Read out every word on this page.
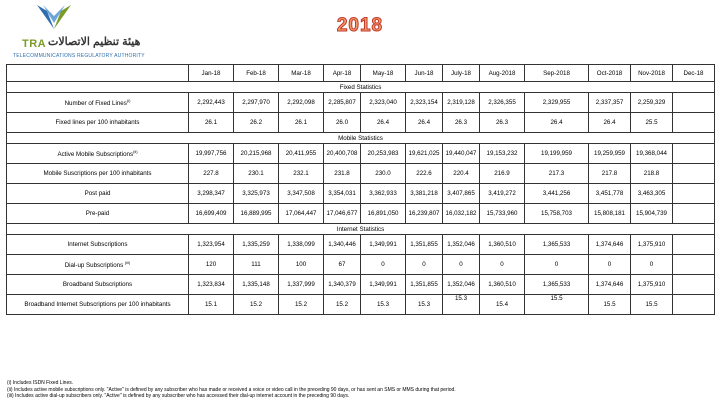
TRA هيئة تنظيم الاتصالات
TELECOMMUNICATIONS REGULATORY AUTHORITY
2018
	Jan-18	Feb-18	Mar-18	Apr-18	May-18	Jun-18	July-18	Aug-2018	Sep-2018	Oct-2018	Nov-2018	Dec-18
Fixed Statistics												
Number of Fixed Lines$^{(i)}$	2,292,443	2,297,970	2,292,098	2,285,807	2,323,040	2,323,154	2,319,128	2,326,355	2,329,955	2,337,357	2,259,329	
Fixed lines per 100 inhabitants	26.1	26.2	26.1	26.0	26.4	26.4	26.3	26.3	26.4	26.4	25.5	
Mobile Statistics												
Active Mobile Subscriptions$^{(ii)}$	19,997,756	20,215,968	20,411,955	20,400,708	20,253,983	19,621,025	19,440,047	19,153,232	19,199,959	19,259,959	19,368,044	
Mobile Suscriptions per 100 inhabitants	227.8	230.1	232.1	231.8	230.0	222.6	220.4	216.9	217.3	217.8	218.8	
Post paid	3,298,347	3,325,973	3,347,508	3,354,031	3,362,933	3,381,218	3,407,865	3,419,272	3,441,256	3,451,778	3,463,305	
Pre-paid	16,699,409	16,889,995	17,064,447	17,046,677	16,891,050	16,239,807	16,032,182	15,733,960	15,758,703	15,808,181	15,904,739	
Internet Statistics												
Internet Subscriptions	1,323,954	1,335,259	1,338,099	1,340,446	1,349,991	1,351,855	1,352,046	1,360,510	1,365,533	1,374,646	1,375,910	
Dial-up Subscriptions $^{(iii)}$	120	111	100	67	0	0	0	0	0	0	0	
Broadband Subscriptions	1,323,834	1,335,148	1,337,999	1,340,379	1,349,991	1,351,855	1,352,046	1,360,510	1,365,533	1,374,646	1,375,910	
Broadband Internet Subscriptions per 100 inhabitants	15.1	15.2	15.2	15.2	15.3	15.3	15.3	15.4	15.5	15.5	15.5	
(i) Includes ISDN Fixed Lines.
(ii) Includes active mobile subscriptions only. "Active" is defined by any subscriber who has made or received a voice or video call in the preceding 90 days, or has sent an SMS or MMS during that period.
(iii) Includes active dial-up subscribers only. "Active" is defined by any subscriber who has accessed their dial-up internet account in the preceding 90 days.
